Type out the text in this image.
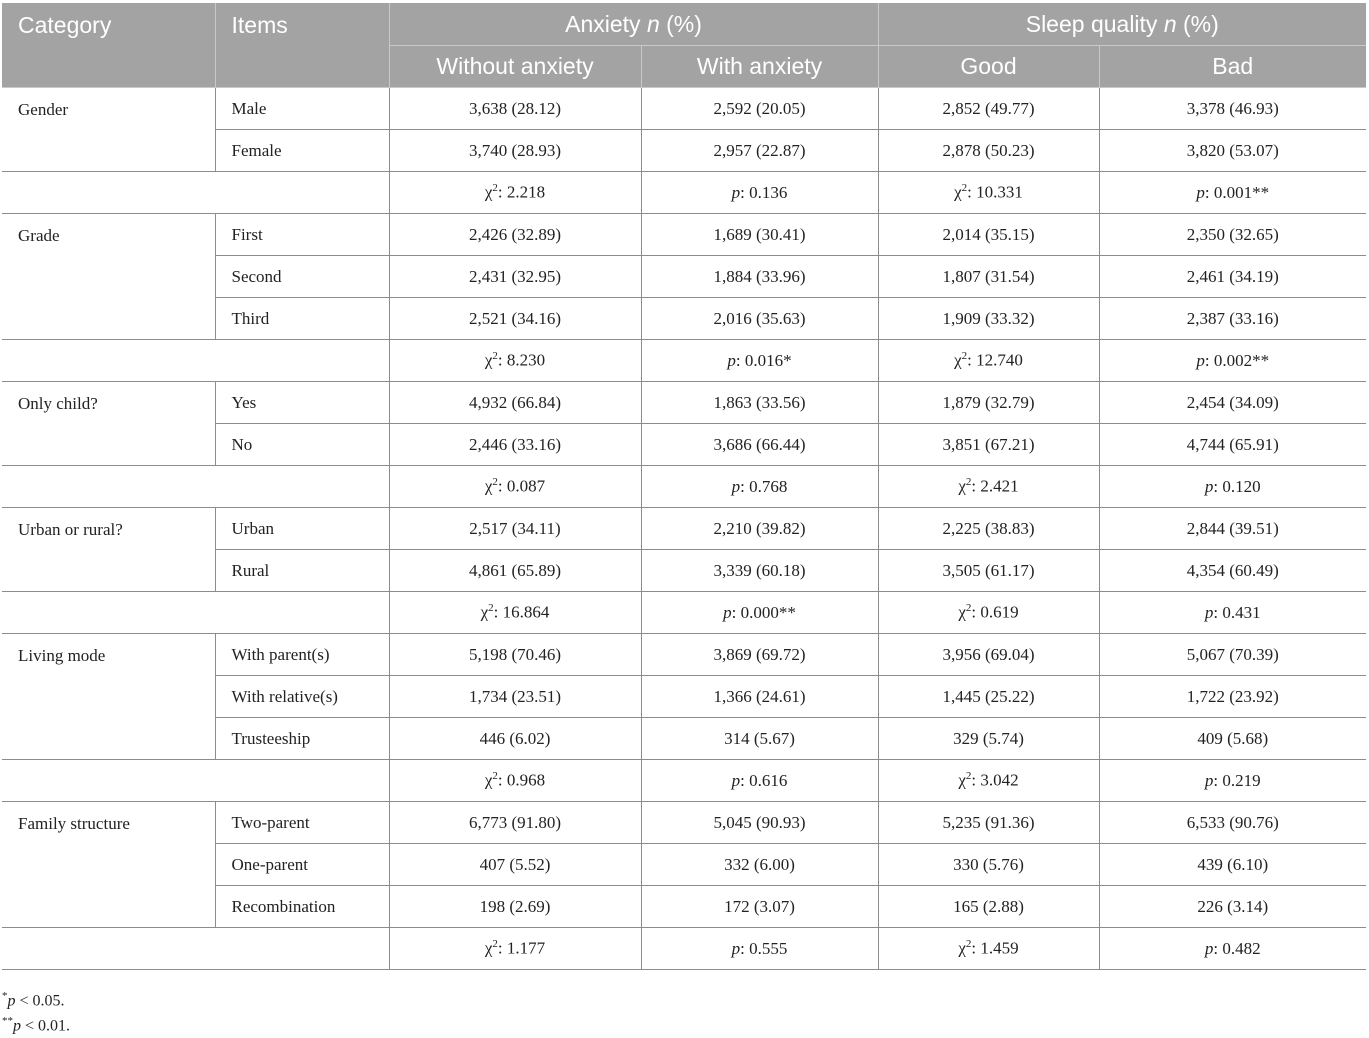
Category	Items	Anxiety n (%)		Sleep quality n (%)	
		Without anxiety	With anxiety	Good	Bad
Gender	Male	3,638 (28.12)	2,592 (20.05)	2,852 (49.77)	3,378 (46.93)
	Female	3,740 (28.93)	2,957 (22.87)	2,878 (50.23)	3,820 (53.07)
		$\chi^2$: 2.218	p: 0.136	$\chi^2$: 10.331	p: 0.001**
Grade	First	2,426 (32.89)	1,689 (30.41)	2,014 (35.15)	2,350 (32.65)
	Second	2,431 (32.95)	1,884 (33.96)	1,807 (31.54)	2,461 (34.19)
	Third	2,521 (34.16)	2,016 (35.63)	1,909 (33.32)	2,387 (33.16)
		$\chi^2$: 8.230	p: 0.016*	$\chi^2$: 12.740	p: 0.002**
Only child?	Yes	4,932 (66.84)	1,863 (33.56)	1,879 (32.79)	2,454 (34.09)
	No	2,446 (33.16)	3,686 (66.44)	3,851 (67.21)	4,744 (65.91)
		$\chi^2$: 0.087	p: 0.768	$\chi^2$: 2.421	p: 0.120
Urban or rural?	Urban	2,517 (34.11)	2,210 (39.82)	2,225 (38.83)	2,844 (39.51)
	Rural	4,861 (65.89)	3,339 (60.18)	3,505 (61.17)	4,354 (60.49)
		$\chi^2$: 16.864	p: 0.000**	$\chi^2$: 0.619	p: 0.431
Living mode	With parent(s)	5,198 (70.46)	3,869 (69.72)	3,956 (69.04)	5,067 (70.39)
	With relative(s)	1,734 (23.51)	1,366 (24.61)	1,445 (25.22)	1,722 (23.92)
	Trusteeship	446 (6.02)	314 (5.67)	329 (5.74)	409 (5.68)
		$\chi^2$: 0.968	p: 0.616	$\chi^2$: 3.042	p: 0.219
Family structure	Two-parent	6,773 (91.80)	5,045 (90.93)	5,235 (91.36)	6,533 (90.76)
	One-parent	407 (5.52)	332 (6.00)	330 (5.76)	439 (6.10)
	Recombination	198 (2.69)	172 (3.07)	165 (2.88)	226 (3.14)
		$\chi^2$: 1.177	p: 0.555	$\chi^2$: 1.459	p: 0.482
*p < 0.05.
**p < 0.01.
